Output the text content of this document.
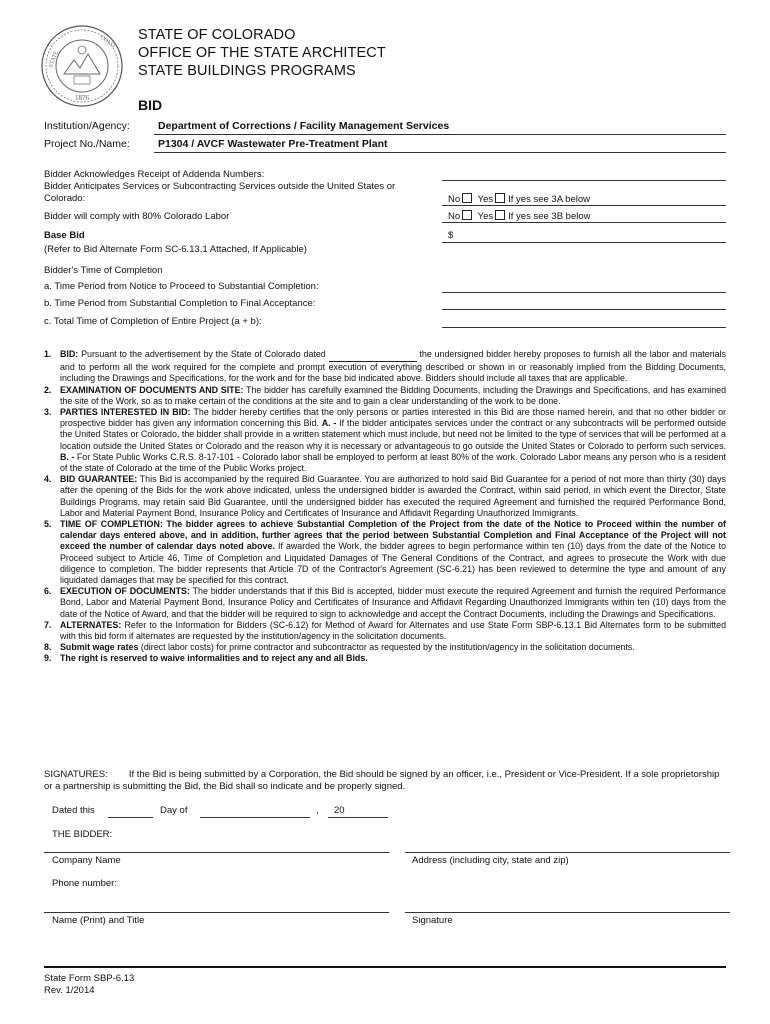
1876
STATE
COLO STATE OF COLORADO
OFFICE OF THE STATE ARCHITECT
STATE BUILDINGS PROGRAMS
BID
Institution/Agency:	Department of Corrections / Facility Management Services
Project No./Name:	P1304 / AVCF Wastewater Pre-Treatment Plant
Bidder Acknowledges Receipt of Addenda Numbers:
Bidder Anticipates Services or Subcontracting Services outside the United States or
Colorado:	No Yes If yes see 3A below
Bidder will comply with 80% Colorado Labor	No Yes If yes see 3B below
Base Bid	$
(Refer to Bid Alternate Form SC-6.13.1 Attached, If Applicable)
Bidder's Time of Completion
a. Time Period from Notice to Proceed to Substantial Completion:
b. Time Period from Substantial Completion to Final Acceptance:
c. Total Time of Completion of Entire Project (a + b):

1. BID: Pursuant to the advertisement by the State of Colorado dated	the undersigned bidder hereby proposes to furnish all the labor and materials and to perform all the work required for the complete and prompt execution of everything described or shown in or reasonably implied from the Bidding Documents, including the Drawings and Specifications, for the work and for the base bid indicated above. Bidders should include all taxes that are applicable.

2. EXAMINATION OF DOCUMENTS AND SITE: The bidder has carefully examined the Bidding Documents, including the Drawings and Specifications, and has examined the site of the Work, so as to make certain of the conditions at the site and to gain a clear understanding of the work to be done.

3. PARTIES INTERESTED IN BID: The bidder hereby certifies that the only persons or parties interested in this Bid are those named herein, and that no other bidder or prospective bidder has given any information concerning this Bid. A. - If the bidder anticipates services under the contract or any subcontracts will be performed outside the United States or Colorado, the bidder shall provide in a written statement which must include, but need not be limited to the type of services that will be performed at a location outside the United States or Colorado and the reason why it is necessary or advantageous to go outside the United States or Colorado to perform such services. B. - For State Public Works C.R.S. 8-17-101 - Colorado labor shall be employed to perform at least 80% of the work. Colorado Labor means any person who is a resident of the state of Colorado at the time of the Public Works project.

4. BID GUARANTEE: This Bid is accompanied by the required Bid Guarantee. You are authorized to hold said Bid Guarantee for a period of not more than thirty (30) days after the opening of the Bids for the work above indicated, unless the undersigned bidder is awarded the Contract, within said period, in which event the Director, State Buildings Programs, may retain said Bid Guarantee, until the undersigned bidder has executed the required Agreement and furnished the required Performance Bond, Labor and Material Payment Bond, Insurance Policy and Certificates of Insurance and Affidavit Regarding Unauthorized Immigrants.

5. TIME OF COMPLETION: The bidder agrees to achieve Substantial Completion of the Project from the date of the Notice to Proceed within the number of calendar days entered above, and in addition, further agrees that the period between Substantial Completion and Final Acceptance of the Project will not exceed the number of calendar days noted above. If awarded the Work, the bidder agrees to begin performance within ten (10) days from the date of the Notice to Proceed subject to Article 46, Time of Completion and Liquidated Damages of The General Conditions of the Contract, and agrees to prosecute the Work with due diligence to completion. The bidder represents that Article 7D of the Contractor's Agreement (SC-6.21) has been reviewed to determine the type and amount of any liquidated damages that may be specified for this contract.

6. EXECUTION OF DOCUMENTS: The bidder understands that if this Bid is accepted, bidder must execute the required Agreement and furnish the required Performance Bond, Labor and Material Payment Bond, Insurance Policy and Certificates of Insurance and Affidavit Regarding Unauthorized Immigrants within ten (10) days from the date of the Notice of Award, and that the bidder will be required to sign to acknowledge and accept the Contract Documents, including the Drawings and Specifications.

7. ALTERNATES: Refer to the Information for Bidders (SC-6.12) for Method of Award for Alternates and use State Form SBP-6.13.1 Bid Alternates form to be submitted with this bid form if alternates are requested by the institution/agency in the solicitation documents.

8. Submit wage rates (direct labor costs) for prime contractor and subcontractor as requested by the institution/agency in the solicitation documents.

9. The right is reserved to waive informalities and to reject any and all Bids.

SIGNATURES: If the Bid is being submitted by a Corporation, the Bid should be signed by an officer, i.e., President or Vice-President. If a sole proprietorship or a partnership is submitting the Bid, the Bid shall so indicate and be properly signed.
Dated this	Day of	, 20
THE BIDDER:
Company Name	Address (including city, state and zip)
Phone number:
Name (Print) and Title	Signature
State Form SBP-6.13
Rev. 1/2014
